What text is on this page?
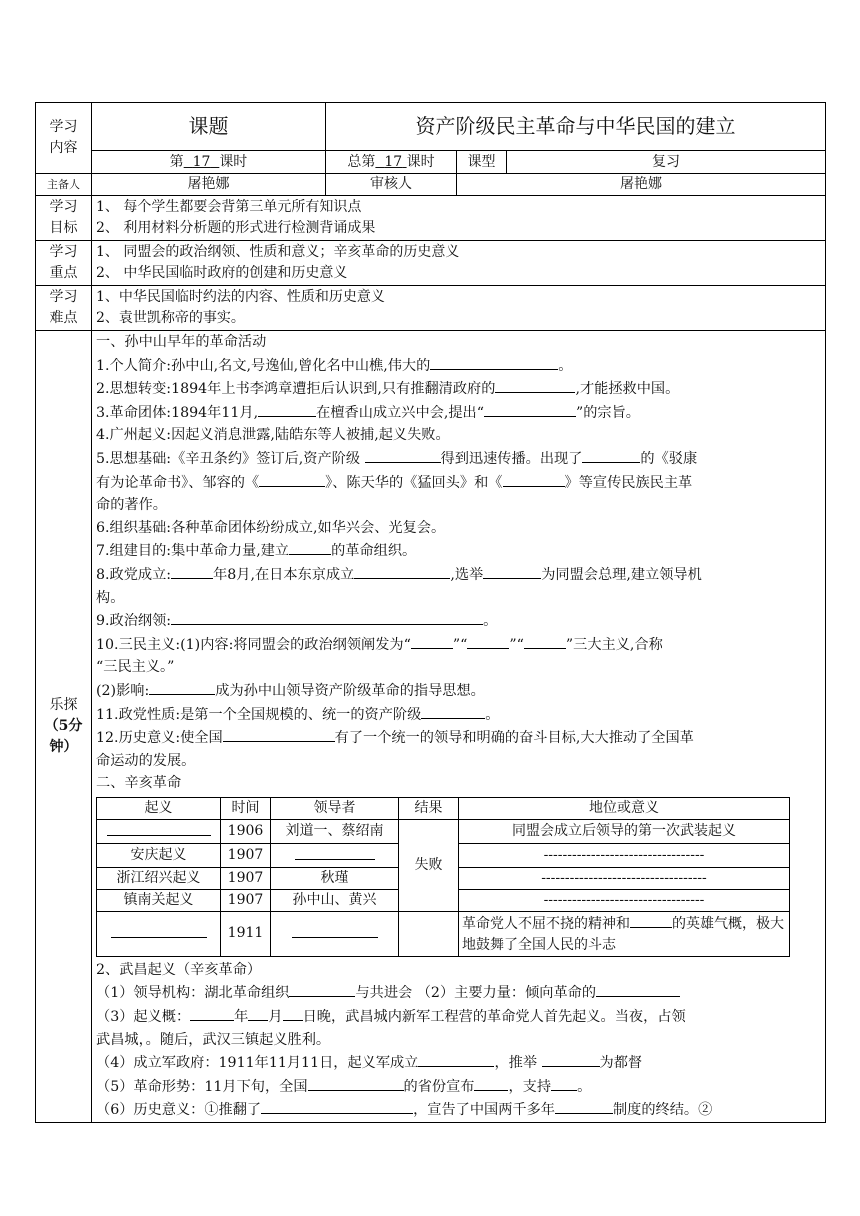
学习内容	课题	资产阶级民主革命与中华民国的建立
第 17 课时	总第 17 课时	课型	复习
主备人	屠艳娜	审核人	屠艳娜
学习目标	
1、 每个学生都要会背第三单元所有知识点
2、 利用材料分析题的形式进行检测背诵成果

学习重点	
1、 同盟会的政治纲领、性质和意义；辛亥革命的历史意义
2、 中华民国临时政府的创建和历史意义

学习难点	
1、中华民国临时约法的内容、性质和历史意义
2、袁世凯称帝的事实。

乐探
（5分钟）

一、孙中山早年的革命活动
1.个人简介:孙中山,名文,号逸仙,曾化名中山樵,伟大的	。
2.思想转变:1894年上书李鸿章遭拒后认识到,只有推翻清政府的	,才能拯救中国。
3.革命团体:1894年11月,	在檀香山成立兴中会,提出“	”的宗旨。
4.广州起义:因起义消息泄露,陆皓东等人被捕,起义失败。
5.思想基础:《辛丑条约》签订后,资产阶级	得到迅速传播。出现了	的《驳康
有为论革命书》、邹容的《	》、陈天华的《猛回头》和《	》等宣传民族民主革
命的著作。
6.组织基础:各种革命团体纷纷成立,如华兴会、光复会。
7.组建目的:集中革命力量,建立	的革命组织。
8.政党成立:	年8月,在日本东京成立	,选举	为同盟会总理,建立领导机
构。
9.政治纲领:	。
10.三民主义:(1)内容:将同盟会的政治纲领阐发为“	”“	”“	”三大主义,合称
“三民主义。”
(2)影响:	成为孙中山领导资产阶级革命的指导思想。
11.政党性质:是第一个全国规模的、统一的资产阶级	。
12.历史意义:使全国	有了一个统一的领导和明确的奋斗目标,大大推动了全国革
命运动的发展。
二、辛亥革命
起义	时间	领导者	结果	地位或意义
	1906	刘道一、蔡绍南	失败	同盟会成立后领导的第一次武装起义
安庆起义	1907		----------------------------------
浙江绍兴起义	1907	秋瑾	-----------------------------------
镇南关起义	1907	孙中山、黄兴	----------------------------------
	1911			革命党人不屈不挠的精神和	的英雄气概，极大地鼓舞了全国人民的斗志
2、武昌起义（辛亥革命）
（1）领导机构：湖北革命组织	与共进会 （2）主要力量：倾向革命的
（3）起义概：	年 月 日晚，武昌城内新军工程营的革命党人首先起义。当夜，占领
武昌城，。随后，武汉三镇起义胜利。
（4）成立军政府：1911年11月11日，起义军成立	，推举	为都督
（5）革命形势：11月下旬，全国	的省份宣布 ，支持 。
（6）历史意义：①推翻了	，宣告了中国两千多年	制度的终结。②
